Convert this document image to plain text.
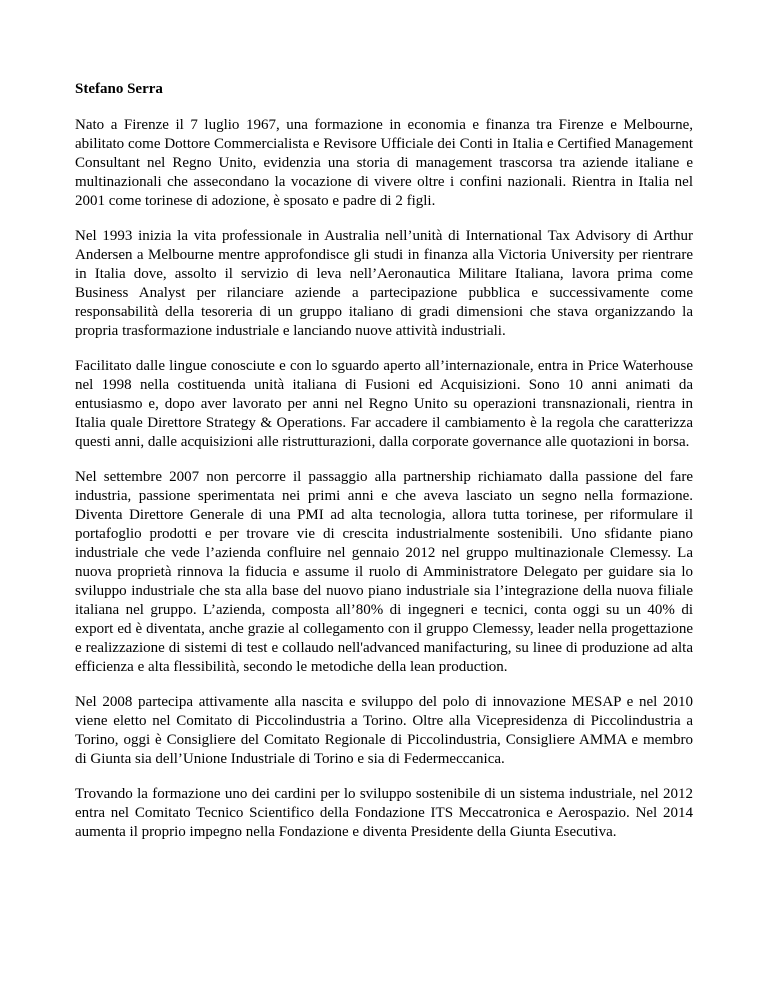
Stefano Serra

Nato a Firenze il 7 luglio 1967, una formazione in economia e finanza tra Firenze e Melbourne, abilitato come Dottore Commercialista e Revisore Ufficiale dei Conti in Italia e Certified Management Consultant nel Regno Unito, evidenzia una storia di management trascorsa tra aziende italiane e multinazionali che assecondano la vocazione di vivere oltre i confini nazionali. Rientra in Italia nel 2001 come torinese di adozione, è sposato e padre di 2 figli.

Nel 1993 inizia la vita professionale in Australia nell’unità di International Tax Advisory di Arthur Andersen a Melbourne mentre approfondisce gli studi in finanza alla Victoria University per rientrare in Italia dove, assolto il servizio di leva nell’Aeronautica Militare Italiana, lavora prima come Business Analyst per rilanciare aziende a partecipazione pubblica e successivamente come responsabilità della tesoreria di un gruppo italiano di gradi dimensioni che stava organizzando la propria trasformazione industriale e lanciando nuove attività industriali.

Facilitato dalle lingue conosciute e con lo sguardo aperto all’internazionale, entra in Price Waterhouse nel 1998 nella costituenda unità italiana di Fusioni ed Acquisizioni. Sono 10 anni animati da entusiasmo e, dopo aver lavorato per anni nel Regno Unito su operazioni transnazionali, rientra in Italia quale Direttore Strategy & Operations. Far accadere il cambiamento è la regola che caratterizza questi anni, dalle acquisizioni alle ristrutturazioni, dalla corporate governance alle quotazioni in borsa.

Nel settembre 2007 non percorre il passaggio alla partnership richiamato dalla passione del fare industria, passione sperimentata nei primi anni e che aveva lasciato un segno nella formazione. Diventa Direttore Generale di una PMI ad alta tecnologia, allora tutta torinese, per riformulare il portafoglio prodotti e per trovare vie di crescita industrialmente sostenibili. Uno sfidante piano industriale che vede l’azienda confluire nel gennaio 2012 nel gruppo multinazionale Clemessy. La nuova proprietà rinnova la fiducia e assume il ruolo di Amministratore Delegato per guidare sia lo sviluppo industriale che sta alla base del nuovo piano industriale sia l’integrazione della nuova filiale italiana nel gruppo. L’azienda, composta all’80% di ingegneri e tecnici, conta oggi su un 40% di export ed è diventata, anche grazie al collegamento con il gruppo Clemessy, leader nella progettazione e realizzazione di sistemi di test e collaudo nell'advanced manifacturing, su linee di produzione ad alta efficienza e alta flessibilità, secondo le metodiche della lean production.

Nel 2008 partecipa attivamente alla nascita e sviluppo del polo di innovazione MESAP e nel 2010 viene eletto nel Comitato di Piccolindustria a Torino. Oltre alla Vicepresidenza di Piccolindustria a Torino, oggi è Consigliere del Comitato Regionale di Piccolindustria, Consigliere AMMA e membro di Giunta sia dell’Unione Industriale di Torino e sia di Federmeccanica.

Trovando la formazione uno dei cardini per lo sviluppo sostenibile di un sistema industriale, nel 2012 entra nel Comitato Tecnico Scientifico della Fondazione ITS Meccatronica e Aerospazio. Nel 2014 aumenta il proprio impegno nella Fondazione e diventa Presidente della Giunta Esecutiva.
